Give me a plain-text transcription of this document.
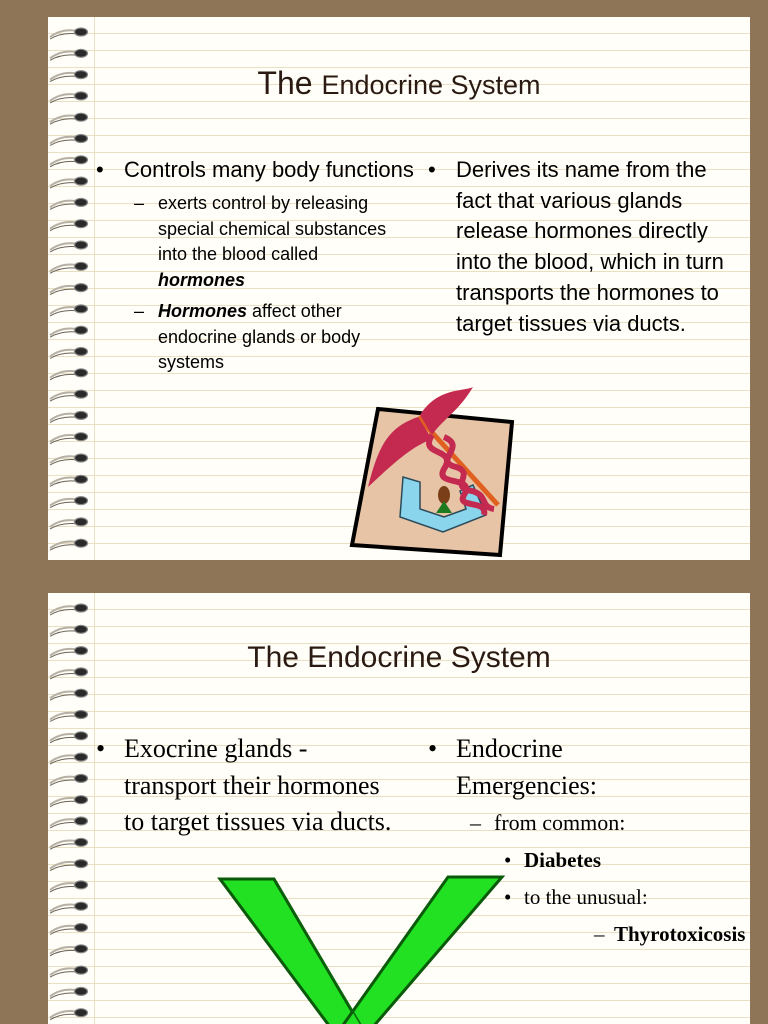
The Endocrine System
• Controls many body functions
– exerts control by releasing special chemical substances into the blood called hormones
– Hormones affect other endocrine glands or body systems
• Derives its name from the fact that various glands release hormones directly into the blood, which in turn transports the hormones to target tissues via ducts.
The Endocrine System
• Exocrine glands - transport their hormones to target tissues via ducts.
• Endocrine Emergencies:
– from common:
• Diabetes
• to the unusual:
– Thyrotoxicosis
